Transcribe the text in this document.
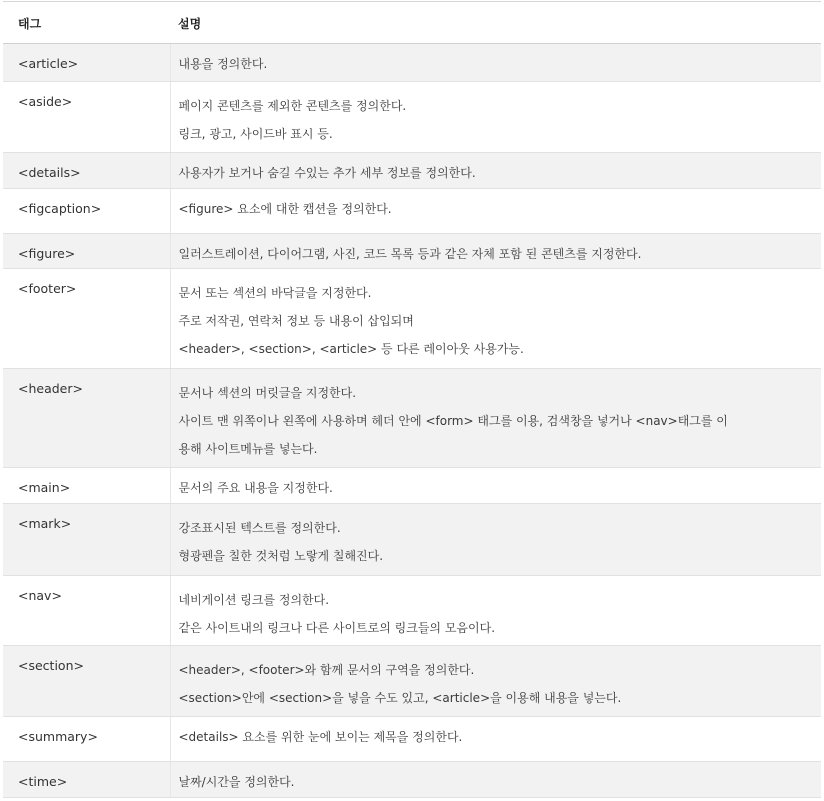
태그	설명
<article>	내용을 정의한다.

<aside>	페이지 콘텐츠를 제외한 콘텐츠를 정의한다.
링크, 광고, 사이드바 표시 등.

<details>	사용자가 보거나 숨길 수있는 추가 세부 정보를 정의한다.

<figcaption>	<figure> 요소에 대한 캡션을 정의한다.

<figure>	일러스트레이션, 다이어그램, 사진, 코드 목록 등과 같은 자체 포함 된 콘텐츠를 지정한다.

<footer>	문서 또는 섹션의 바닥글을 지정한다.
주로 저작권, 연락처 정보 등 내용이 삽입되며
<header>, <section>, <article> 등 다른 레이아웃 사용가능.

<header>	문서나 섹션의 머릿글을 지정한다.
사이트 맨 위쪽이나 왼쪽에 사용하며 헤더 안에 <form> 태그를 이용, 검색창을 넣거나 <nav>태그를 이
용해 사이트메뉴를 넣는다.

<main>	문서의 주요 내용을 지정한다.

<mark>	강조표시된 텍스트를 정의한다.
형광펜을 칠한 것처럼 노랗게 칠해진다.

<nav>	네비게이션 링크를 정의한다.
같은 사이트내의 링크나 다른 사이트로의 링크들의 모음이다.

<section>	<header>, <footer>와 함께 문서의 구역을 정의한다.
<section>안에 <section>을 넣을 수도 있고, <article>을 이용해 내용을 넣는다.

<summary>	<details> 요소를 위한 눈에 보이는 제목을 정의한다.

<time>	날짜/시간을 정의한다.
